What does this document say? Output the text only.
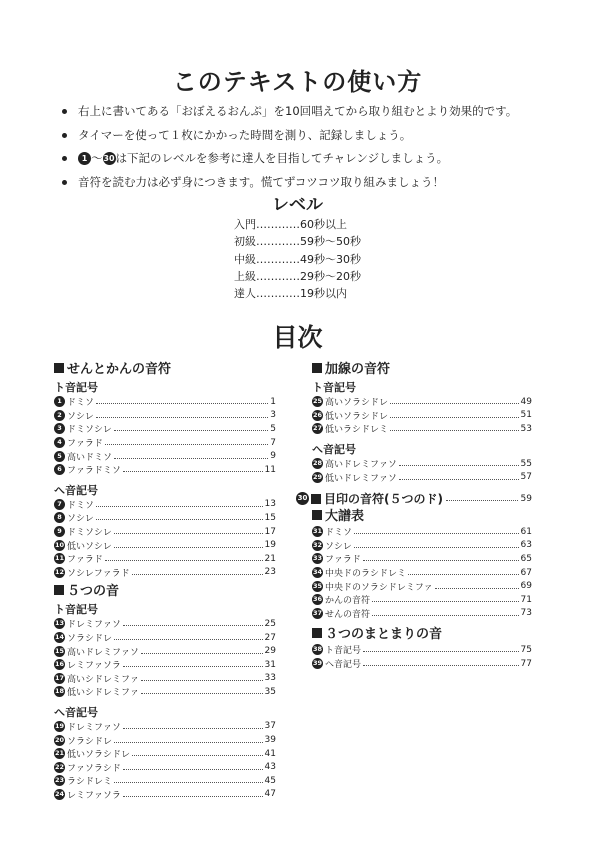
このテキストの使い方
右上に書いてある「おぼえるおんぷ」を10回唱えてから取り組むとより効果的です。
タイマーを使って１枚にかかった時間を測り、記録しましょう。
1 ～30は下記のレベルを参考に達人を目指してチャレンジしましょう。
音符を読む力は必ず身につきます。慌てずコツコツ取り組みましょう！
レベル
入門…………60秒以上
初級…………59秒～50秒
中級…………49秒～30秒
上級…………29秒～20秒
達人…………19秒以内
目次
せんとかんの音符
ト音記号
1 ドミソ	1
2 ソシレ	3
3 ドミソシレ	5
4 ファラド	7
5 高いドミソ	9
6 ファラドミソ	11
ヘ音記号
7 ドミソ	13
8 ソシレ	15
9 ドミソシレ	17
10 低いソシレ	19
11 ファラド	21
12 ソシレファラド	23
５つの音
ト音記号
13 ドレミファソ	25
14 ソラシドレ	27
15 高いドレミファソ	29
16 レミファソラ	31
17 高いシドレミファ	33
18 低いシドレミファ	35
ヘ音記号
19 ドレミファソ	37
20 ソラシドレ	39
21 低いソラシドレ	41
22 ファソラシド	43
23 ラシドレミ	45
24 レミファソラ	47
加線の音符
ト音記号
25 高いソラシドレ	49
26 低いソラシドレ	51
27 低いラシドレミ	53
ヘ音記号
28 高いドレミファソ	55
29 低いドレミファソ	57
30 目印の音符(５つのド)	59
大譜表
31 ドミソ	61
32 ソシレ	63
33 ファラド	65
34 中央ドのラシドレミ	67
35 中央ドのソラシドレミファ	69
36 かんの音符	71
37 せんの音符	73
３つのまとまりの音
38 ト音記号	75
39 ヘ音記号	77
